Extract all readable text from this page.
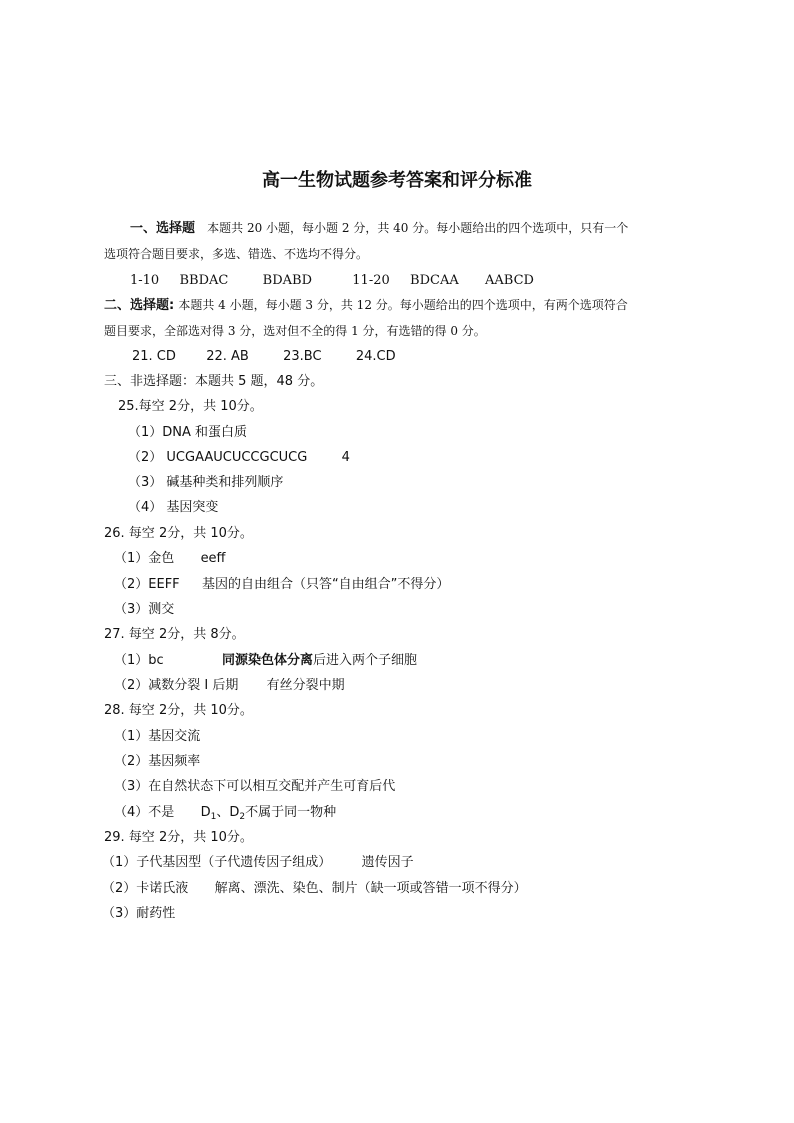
高一生物试题参考答案和评分标准
一、选择题 本题共 20 小题，每小题 2 分，共 40 分。每小题给出的四个选项中，只有一个
选项符合题目要求，多选、错选、不选均不得分。
1-10 BBDAC	BDABD	11-20 BDCAA AABCD
二、选择题: 本题共 4 小题，每小题 3 分，共 12 分。每小题给出的四个选项中，有两个选项符合
题目要求，全部选对得 3 分，选对但不全的得 1 分，有选错的得 0 分。
21. CD 22. AB	23.BC	24.CD
三、非选择题：本题共 5 题，48 分。
25.每空 2分，共 10分。
（1）DNA 和蛋白质
（2） UCGAAUCUCCGCUCG	4
（3） 碱基种类和排列顺序
（4） 基因突变
26. 每空 2分，共 10分。
（1）金色 eeff
（2）EEFF 基因的自由组合（只答“自由组合”不得分）
（3）测交
27. 每空 2分，共 8分。
（1）bc	同源染色体分离后进入两个子细胞
（2）减数分裂 I 后期 有丝分裂中期
28. 每空 2分，共 10分。
（1）基因交流
（2）基因频率
（3）在自然状态下可以相互交配并产生可育后代
（4）不是 $D_1$、$D_2$不属于同一物种
29. 每空 2分，共 10分。
（1）子代基因型（子代遗传因子组成） 遗传因子
（2）卡诺氏液 解离、漂洗、染色、制片（缺一项或答错一项不得分）
（3）耐药性
